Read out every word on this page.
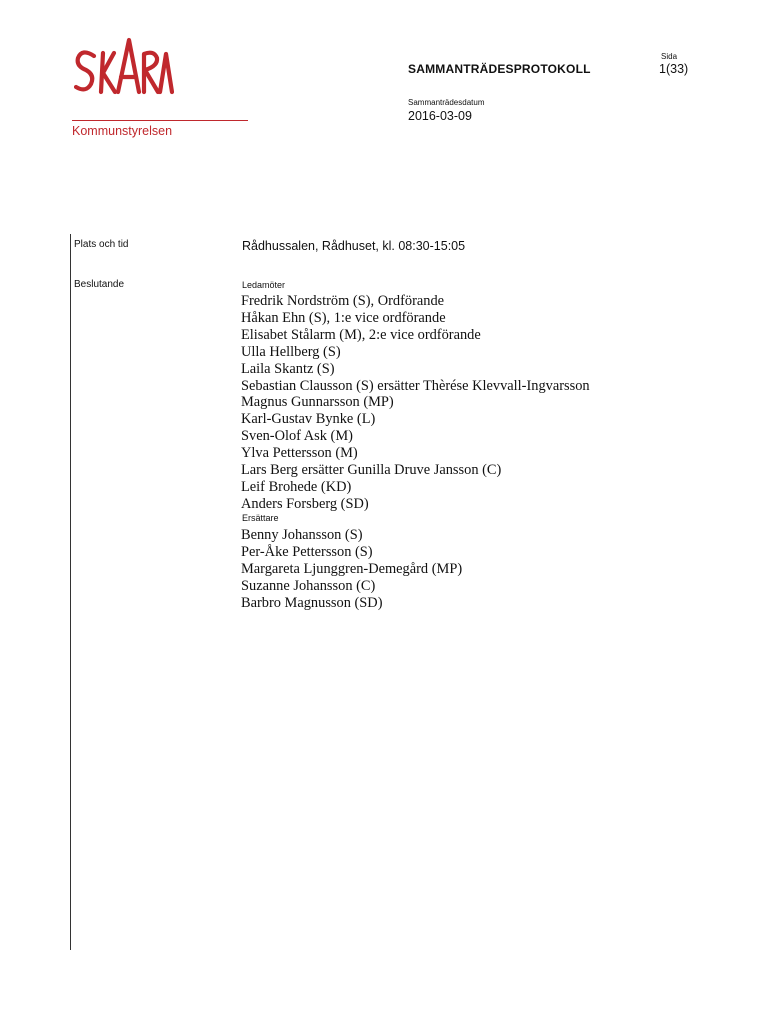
Kommunstyrelsen
SAMMANTRÄDESPROTOKOLL
Sida
1(33)
Sammanträdesdatum
2016-03-09
Plats och tid	Rådhussalen, Rådhuset, kl. 08:30-15:05
Beslutande	Ledamöter
Fredrik Nordström (S), Ordförande
Håkan Ehn (S), 1:e vice ordförande
Elisabet Stålarm (M), 2:e vice ordförande
Ulla Hellberg (S)
Laila Skantz (S)
Sebastian Clausson (S) ersätter Thèrése Klevvall-Ingvarsson
Magnus Gunnarsson (MP)
Karl-Gustav Bynke (L)
Sven-Olof Ask (M)
Ylva Pettersson (M)
Lars Berg ersätter Gunilla Druve Jansson (C)
Leif Brohede (KD)
Anders Forsberg (SD)
Ersättare
Benny Johansson (S)
Per-Åke Pettersson (S)
Margareta Ljunggren-Demegård (MP)
Suzanne Johansson (C)
Barbro Magnusson (SD)
